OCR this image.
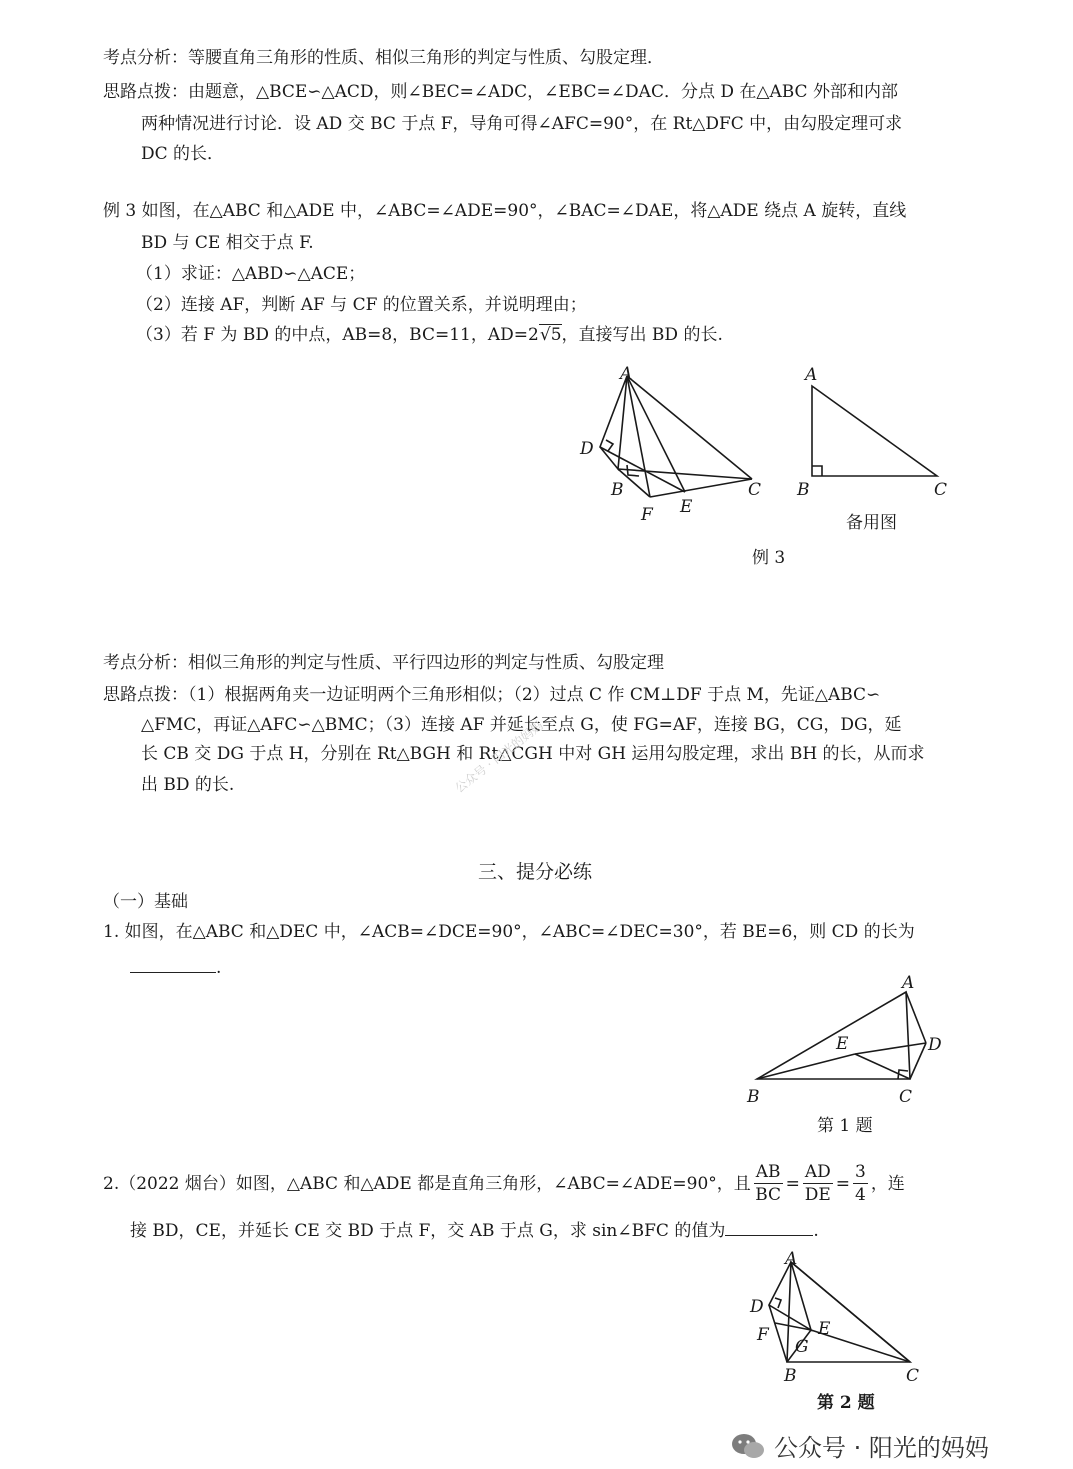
考点分析：等腰直角三角形的性质、相似三角形的判定与性质、勾股定理．
思路点拨：由题意，△BCE∽△ACD，则∠BEC=∠ADC，∠EBC=∠DAC．分点 D 在△ABC 外部和内部
两种情况进行讨论．设 AD 交 BC 于点 F，导角可得∠AFC=90°，在 Rt△DFC 中，由勾股定理可求
DC 的长．
例 3 如图，在△ABC 和△ADE 中，∠ABC=∠ADE=90°，∠BAC=∠DAE，将△ADE 绕点 A 旋转，直线
BD 与 CE 相交于点 F.
（1）求证：△ABD∽△ACE；
（2）连接 AF，判断 AF 与 CF 的位置关系，并说明理由；
（3）若 F 为 BD 的中点，AB=8，BC=11，AD=2√5，直接写出 BD 的长.
A
D
B	C
F E
A
B	C
备用图
例 3
考点分析：相似三角形的判定与性质、平行四边形的判定与性质、勾股定理
思路点拨：（1）根据两角夹一边证明两个三角形相似；（2）过点 C 作 CM⊥DF 于点 M，先证△ABC∽
△FMC，再证△AFC∽△BMC；（3）连接 AF 并延长至点 G，使 FG=AF，连接 BG，CG，DG，延
长 CB 交 DG 于点 H，分别在 Rt△BGH 和 Rt△CGH 中对 GH 运用勾股定理，求出 BH 的长，从而求
出 BD 的长.	公众号 · 阳光的妈妈
三、提分必练
（一）基础
1. 如图，在△ABC 和△DEC 中，∠ACB=∠DCE=90°，∠ABC=∠DEC=30°，若 BE=6，则 CD 的长为
.
A
E	D
B	C
第 1 题
2.（2022 烟台）如图，△ABC 和△ADE 都是直角三角形，∠ABC=∠ADE=90°，且 $\frac{AB}{BC} = \frac{AD}{DE} = \frac{3}{4}$ ，连
接 BD，CE，并延长 CE 交 BD 于点 F，交 AB 于点 G，求 sin∠BFC 的值为	.
A
D
F	E
G
B	C
第 2 题
公众号 · 阳光的妈妈
